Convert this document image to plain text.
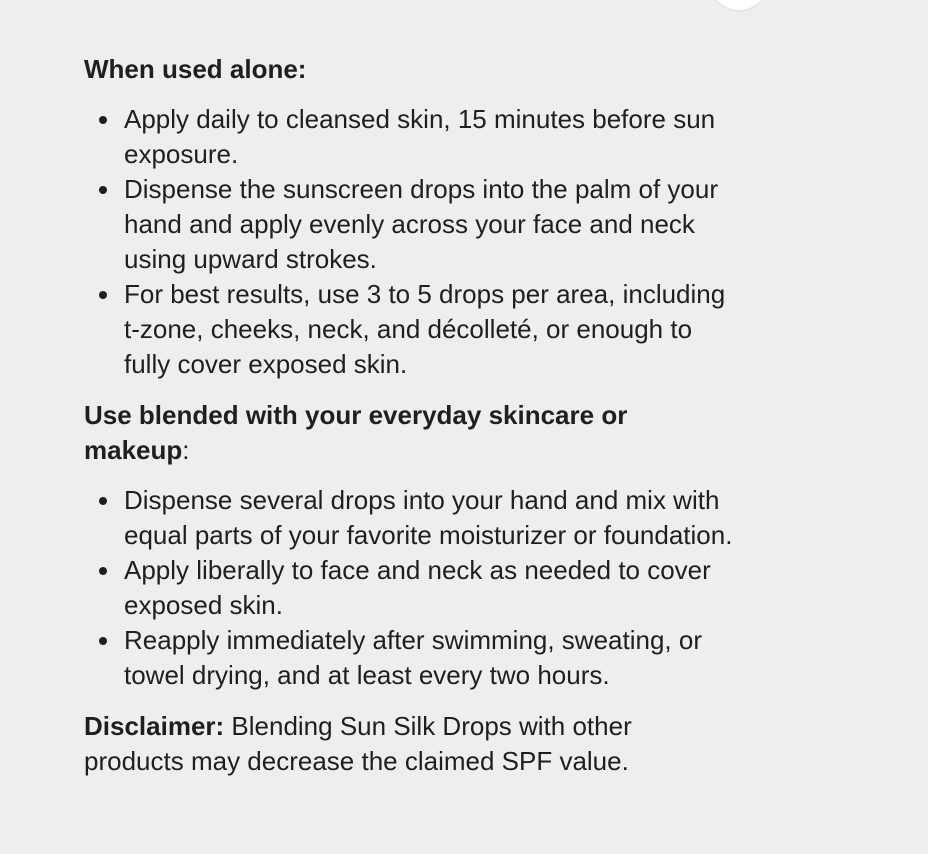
When used alone:
Apply daily to cleansed skin, 15 minutes before sun exposure.
Dispense the sunscreen drops into the palm of your hand and apply evenly across your face and neck using upward strokes.
For best results, use 3 to 5 drops per area, including t-zone, cheeks, neck, and décolleté, or enough to fully cover exposed skin.
Use blended with your everyday skincare or makeup:
Dispense several drops into your hand and mix with equal parts of your favorite moisturizer or foundation.
Apply liberally to face and neck as needed to cover exposed skin.
Reapply immediately after swimming, sweating, or towel drying, and at least every two hours.
Disclaimer: Blending Sun Silk Drops with other products may decrease the claimed SPF value.
